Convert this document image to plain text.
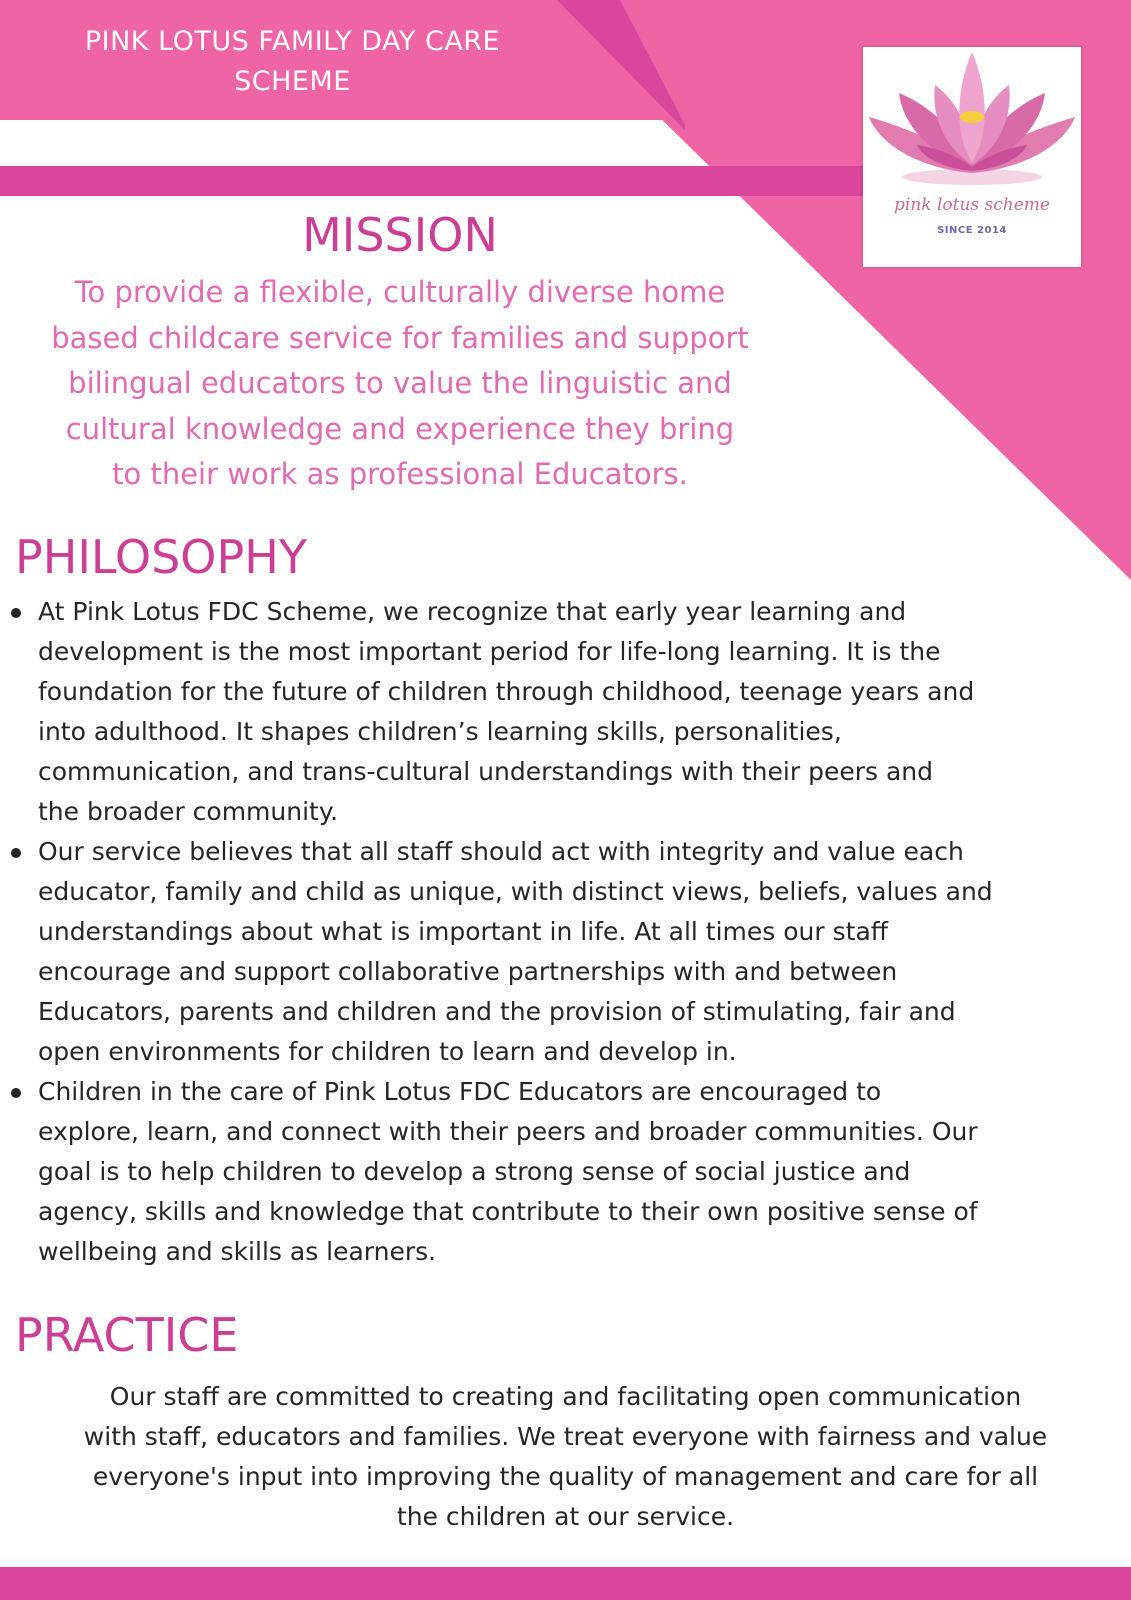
PINK LOTUS FAMILY DAY CARE
SCHEME
pink lotus scheme
SINCE 2014
MISSION
To provide a flexible, culturally diverse home
based childcare service for families and support
bilingual educators to value the linguistic and
cultural knowledge and experience they bring
to their work as professional Educators.
PHILOSOPHY
At Pink Lotus FDC Scheme, we recognize that early year learning and
development is the most important period for life-long learning. It is the
foundation for the future of children through childhood, teenage years and
into adulthood. It shapes children’s learning skills, personalities,
communication, and trans-cultural understandings with their peers and
the broader community.
Our service believes that all staff should act with integrity and value each
educator, family and child as unique, with distinct views, beliefs, values and
understandings about what is important in life. At all times our staff
encourage and support collaborative partnerships with and between
Educators, parents and children and the provision of stimulating, fair and
open environments for children to learn and develop in.
Children in the care of Pink Lotus FDC Educators are encouraged to
explore, learn, and connect with their peers and broader communities. Our
goal is to help children to develop a strong sense of social justice and
agency, skills and knowledge that contribute to their own positive sense of
wellbeing and skills as learners.
PRACTICE
Our staff are committed to creating and facilitating open communication
with staff, educators and families. We treat everyone with fairness and value
everyone's input into improving the quality of management and care for all
the children at our service.
